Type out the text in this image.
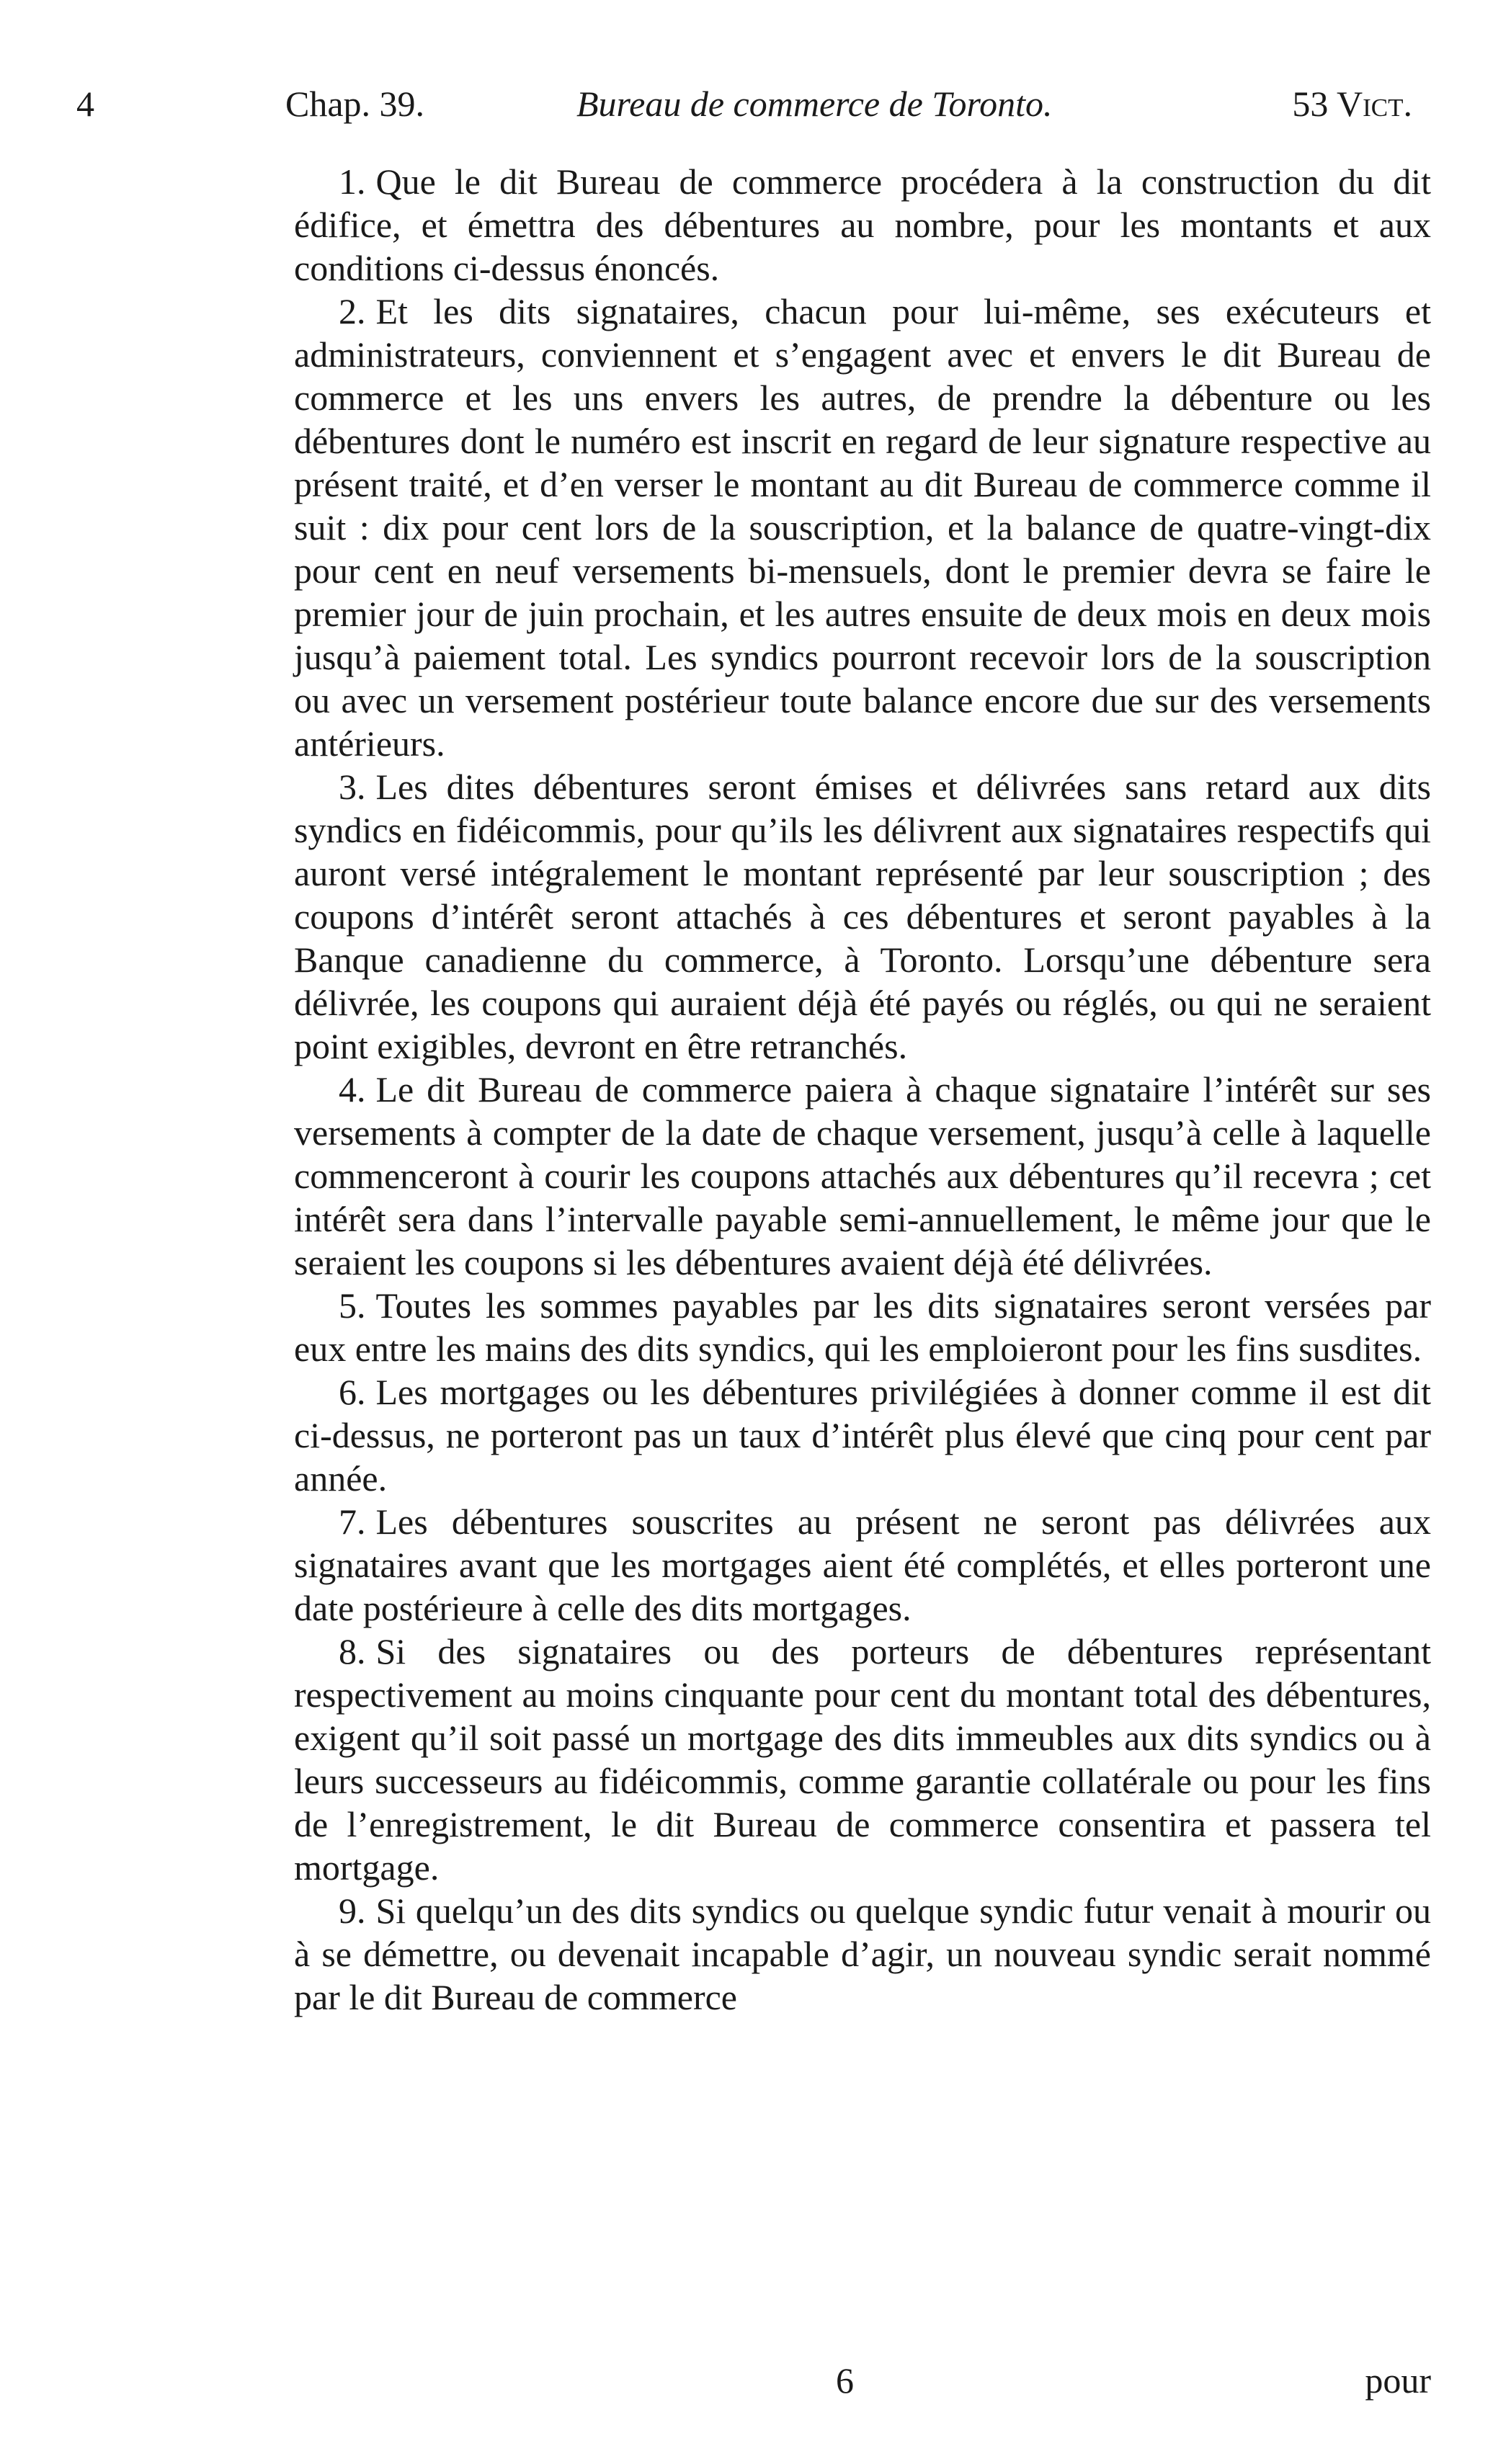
4	Chap. 39.	Bureau de commerce de Toronto.	53 Vict.

1. Que le dit Bureau de commerce procédera à la construction du dit édifice, et émettra des débentures au nombre, pour les montants et aux conditions ci-dessus énoncés.

2. Et les dits signataires, chacun pour lui-même, ses exécuteurs et administrateurs, conviennent et s’engagent avec et envers le dit Bureau de commerce et les uns envers les autres, de prendre la débenture ou les débentures dont le numéro est inscrit en regard de leur signature respective au présent traité, et d’en verser le montant au dit Bureau de commerce comme il suit : dix pour cent lors de la souscription, et la balance de quatre-vingt-dix pour cent en neuf versements bi-mensuels, dont le premier devra se faire le premier jour de juin prochain, et les autres ensuite de deux mois en deux mois jusqu’à paiement total. Les syndics pourront recevoir lors de la souscription ou avec un versement postérieur toute balance encore due sur des versements antérieurs.

3. Les dites débentures seront émises et délivrées sans retard aux dits syndics en fidéicommis, pour qu’ils les délivrent aux signataires respectifs qui auront versé intégralement le montant représenté par leur souscription ; des coupons d’intérêt seront attachés à ces débentures et seront payables à la Banque canadienne du commerce, à Toronto. Lorsqu’une débenture sera délivrée, les coupons qui auraient déjà été payés ou réglés, ou qui ne seraient point exigibles, devront en être retranchés.

4. Le dit Bureau de commerce paiera à chaque signataire l’intérêt sur ses versements à compter de la date de chaque versement, jusqu’à celle à laquelle commenceront à courir les coupons attachés aux débentures qu’il recevra ; cet intérêt sera dans l’intervalle payable semi-annuellement, le même jour que le seraient les coupons si les débentures avaient déjà été délivrées.

5. Toutes les sommes payables par les dits signataires seront versées par eux entre les mains des dits syndics, qui les emploieront pour les fins susdites.

6. Les mortgages ou les débentures privilégiées à donner comme il est dit ci-dessus, ne porteront pas un taux d’intérêt plus élevé que cinq pour cent par année.

7. Les débentures souscrites au présent ne seront pas délivrées aux signataires avant que les mortgages aient été complétés, et elles porteront une date postérieure à celle des dits mortgages.

8. Si des signataires ou des porteurs de débentures représentant respectivement au moins cinquante pour cent du montant total des débentures, exigent qu’il soit passé un mortgage des dits immeubles aux dits syndics ou à leurs successeurs au fidéicommis, comme garantie collatérale ou pour les fins de l’enregistrement, le dit Bureau de commerce consentira et passera tel mortgage.

9. Si quelqu’un des dits syndics ou quelque syndic futur venait à mourir ou à se démettre, ou devenait incapable d’agir, un nouveau syndic serait nommé par le dit Bureau de commerce

6	pour
